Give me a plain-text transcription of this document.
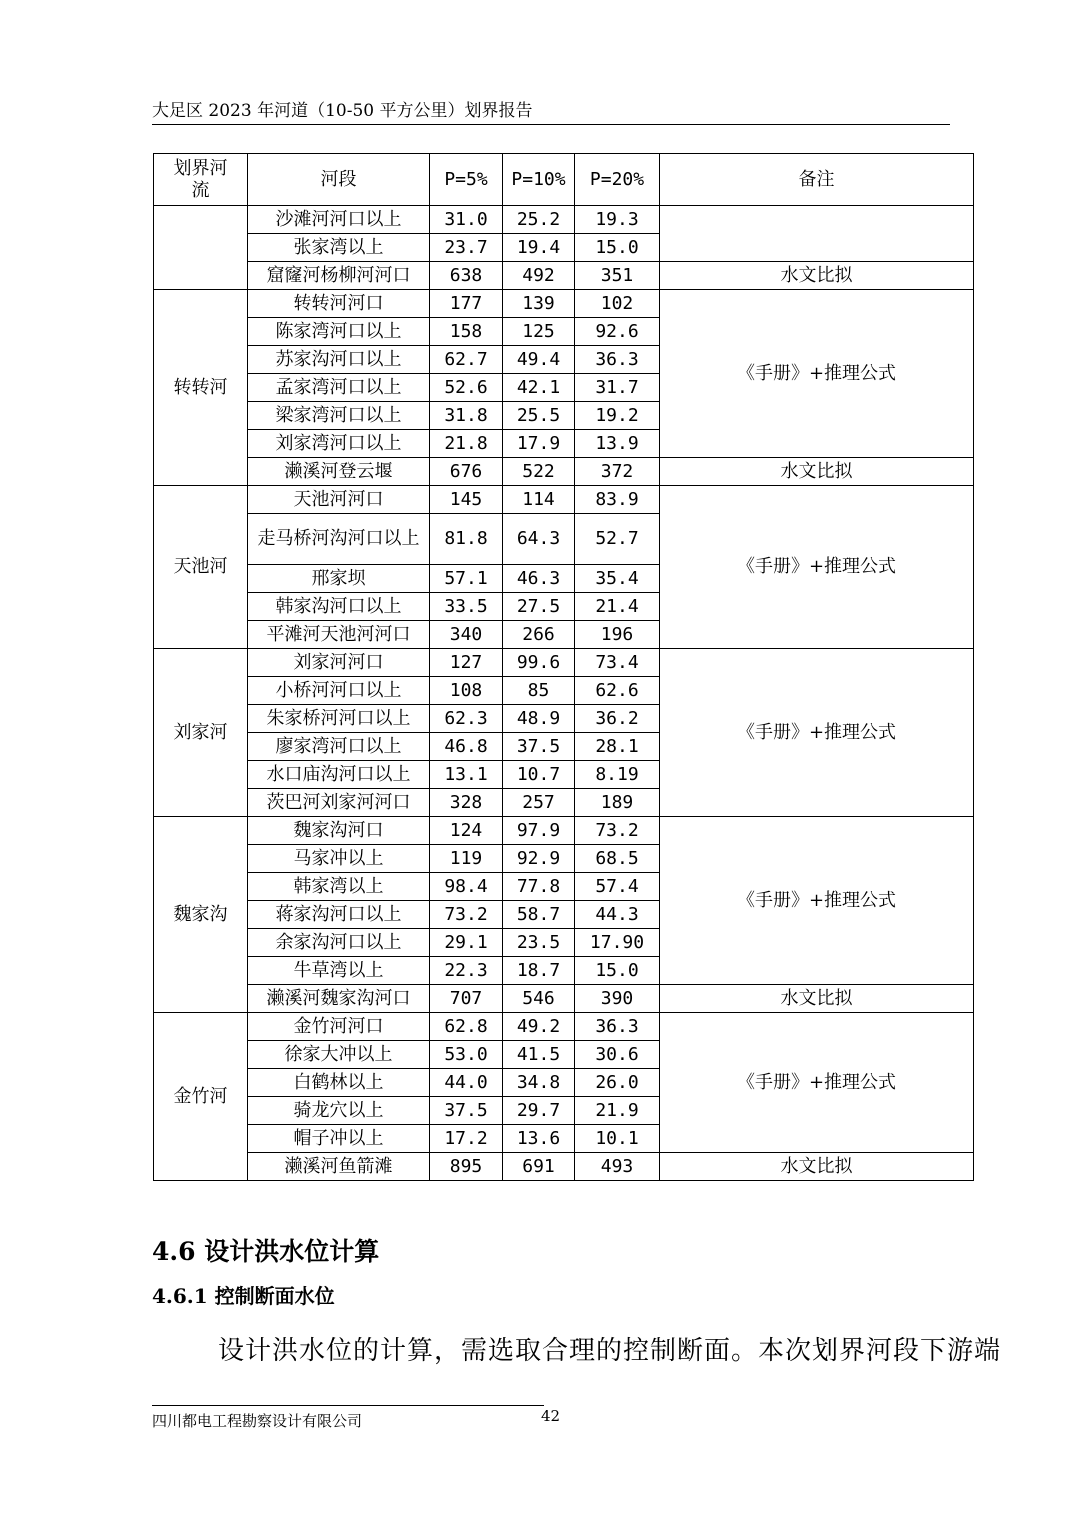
大足区 2023 年河道（10-50 平方公里）划界报告
划界河流	河段	P=5%	P=10%	P=20%	备注
	沙滩河河口以上	31.0	25.2	19.3	
	张家湾以上	23.7	19.4	15.0	
	窟窿河杨柳河河口	638	492	351	水文比拟
转转河	转转河河口	177	139	102	《手册》+推理公式
	陈家湾河口以上	158	125	92.6	
	苏家沟河口以上	62.7	49.4	36.3	
	孟家湾河口以上	52.6	42.1	31.7	
	梁家湾河口以上	31.8	25.5	19.2	
	刘家湾河口以上	21.8	17.9	13.9	
	濑溪河登云堰	676	522	372	水文比拟
天池河	天池河河口	145	114	83.9	《手册》+推理公式
	走马桥河沟河口以上	81.8	64.3	52.7	
	邢家坝	57.1	46.3	35.4	
	韩家沟河口以上	33.5	27.5	21.4	
	平滩河天池河河口	340	266	196	
刘家河	刘家河河口	127	99.6	73.4	《手册》+推理公式
	小桥河河口以上	108	85	62.6	
	朱家桥河河口以上	62.3	48.9	36.2	
	廖家湾河口以上	46.8	37.5	28.1	
	水口庙沟河口以上	13.1	10.7	8.19	
	茨巴河刘家河河口	328	257	189	
魏家沟	魏家沟河口	124	97.9	73.2	《手册》+推理公式
	马家冲以上	119	92.9	68.5	
	韩家湾以上	98.4	77.8	57.4	
	蒋家沟河口以上	73.2	58.7	44.3	
	余家沟河口以上	29.1	23.5	17.90	
	牛草湾以上	22.3	18.7	15.0	
	濑溪河魏家沟河口	707	546	390	水文比拟
金竹河	金竹河河口	62.8	49.2	36.3	《手册》+推理公式
	徐家大冲以上	53.0	41.5	30.6	
	白鹤林以上	44.0	34.8	26.0	
	骑龙穴以上	37.5	29.7	21.9	
	帽子冲以上	17.2	13.6	10.1	
	濑溪河鱼箭滩	895	691	493	水文比拟
4.6 设计洪水位计算
4.6.1 控制断面水位
设计洪水位的计算，需选取合理的控制断面。本次划界河段下游端
四川都电工程勘察设计有限公司	42
